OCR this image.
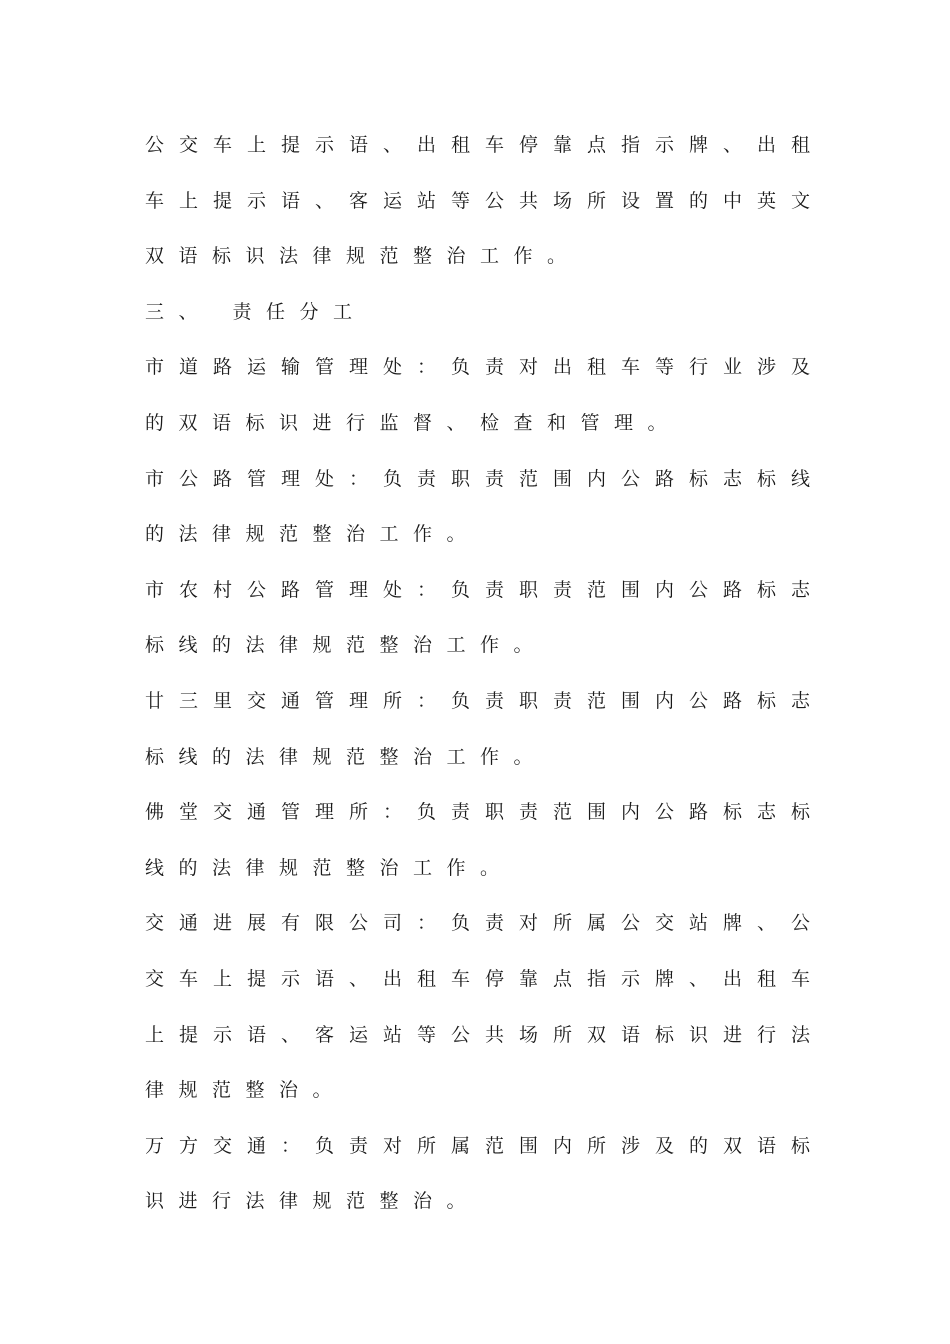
公交车上提示语、出租车停靠点指示牌、出租
车上提示语、客运站等公共场所设置的中英文
双语标识法律规范整治工作。
三、 责任分工
市道路运输管理处：负责对出租车等行业涉及
的双语标识进行监督、检查和管理。
市公路管理处：负责职责范围内公路标志标线
的法律规范整治工作。
市农村公路管理处：负责职责范围内公路标志
标线的法律规范整治工作。
廿三里交通管理所：负责职责范围内公路标志
标线的法律规范整治工作。
佛堂交通管理所：负责职责范围内公路标志标
线的法律规范整治工作。
交通进展有限公司：负责对所属公交站牌、公
交车上提示语、出租车停靠点指示牌、出租车
上提示语、客运站等公共场所双语标识进行法
律规范整治。
万方交通：负责对所属范围内所涉及的双语标
识进行法律规范整治。
